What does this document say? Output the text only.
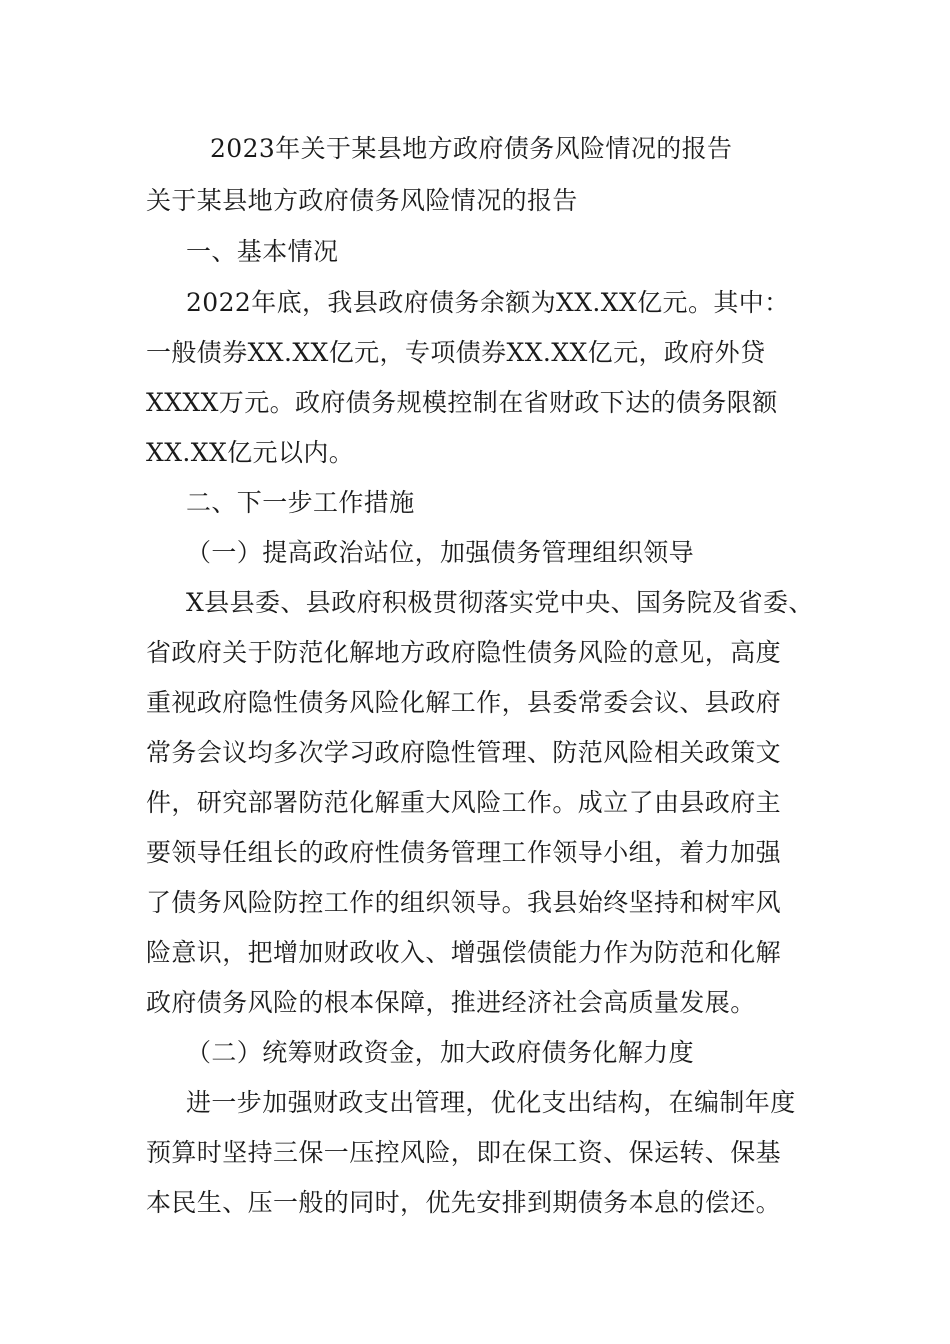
2023年关于某县地方政府债务风险情况的报告
关于某县地方政府债务风险情况的报告
一、基本情况
2022年底，我县政府债务余额为XX.XX亿元。其中：
一般债券XX.XX亿元，专项债券XX.XX亿元，政府外贷
XXXX万元。政府债务规模控制在省财政下达的债务限额
XX.XX亿元以内。
二、下一步工作措施
（一）提高政治站位，加强债务管理组织领导
X县县委、县政府积极贯彻落实党中央、国务院及省委、
省政府关于防范化解地方政府隐性债务风险的意见，高度
重视政府隐性债务风险化解工作，县委常委会议、县政府
常务会议均多次学习政府隐性管理、防范风险相关政策文
件，研究部署防范化解重大风险工作。成立了由县政府主
要领导任组长的政府性债务管理工作领导小组，着力加强
了债务风险防控工作的组织领导。我县始终坚持和树牢风
险意识，把增加财政收入、增强偿债能力作为防范和化解
政府债务风险的根本保障，推进经济社会高质量发展。
（二）统筹财政资金，加大政府债务化解力度
进一步加强财政支出管理，优化支出结构，在编制年度
预算时坚持三保一压控风险，即在保工资、保运转、保基
本民生、压一般的同时，优先安排到期债务本息的偿还。
